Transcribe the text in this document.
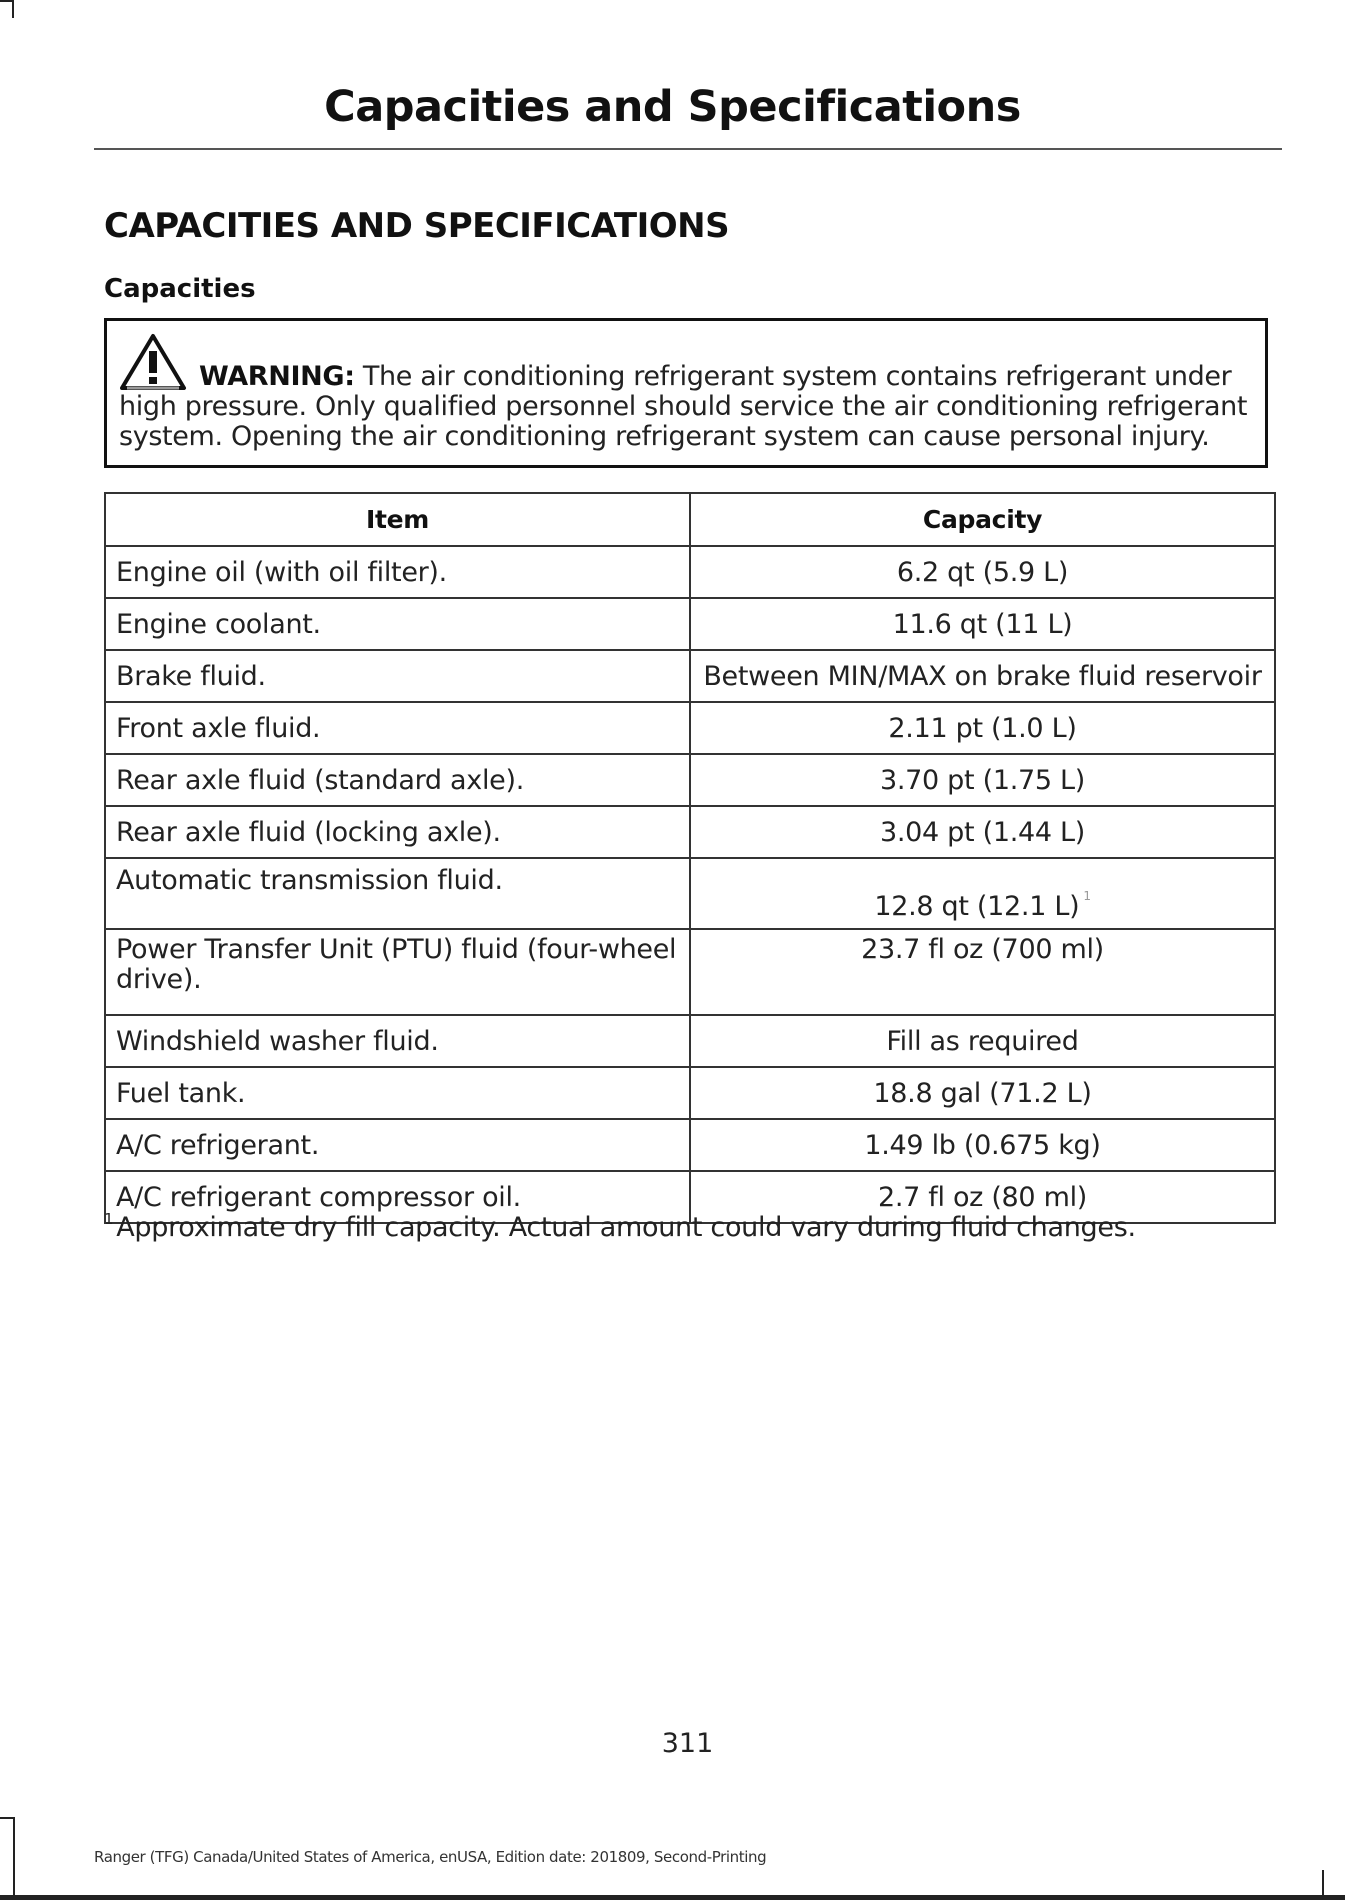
Capacities and Specifications
CAPACITIES AND SPECIFICATIONS
Capacities
WARNING: The air conditioning refrigerant system contains refrigerant under
high pressure. Only qualified personnel should service the air conditioning refrigerant system. Opening the air conditioning refrigerant system can cause personal injury.
Item	Capacity
Engine oil (with oil filter).	6.2 qt (5.9 L)
Engine coolant.	11.6 qt (11 L)
Brake fluid.	Between MIN/MAX on brake fluid reservoir
Front axle fluid.	2.11 pt (1.0 L)
Rear axle fluid (standard axle).	3.70 pt (1.75 L)
Rear axle fluid (locking axle).	3.04 pt (1.44 L)
Automatic transmission fluid.	12.8 qt (12.1 L) $^1$
Power Transfer Unit (PTU) fluid (four-wheel drive).	23.7 fl oz (700 ml)
Windshield washer fluid.	Fill as required
Fuel tank.	18.8 gal (71.2 L)
A/C refrigerant.	1.49 lb (0.675 kg)
A/C refrigerant compressor oil.	2.7 fl oz (80 ml)
$^1$ Approximate dry fill capacity. Actual amount could vary during fluid changes.
311
Ranger (TFG) Canada/United States of America, enUSA, Edition date: 201809, Second-Printing
